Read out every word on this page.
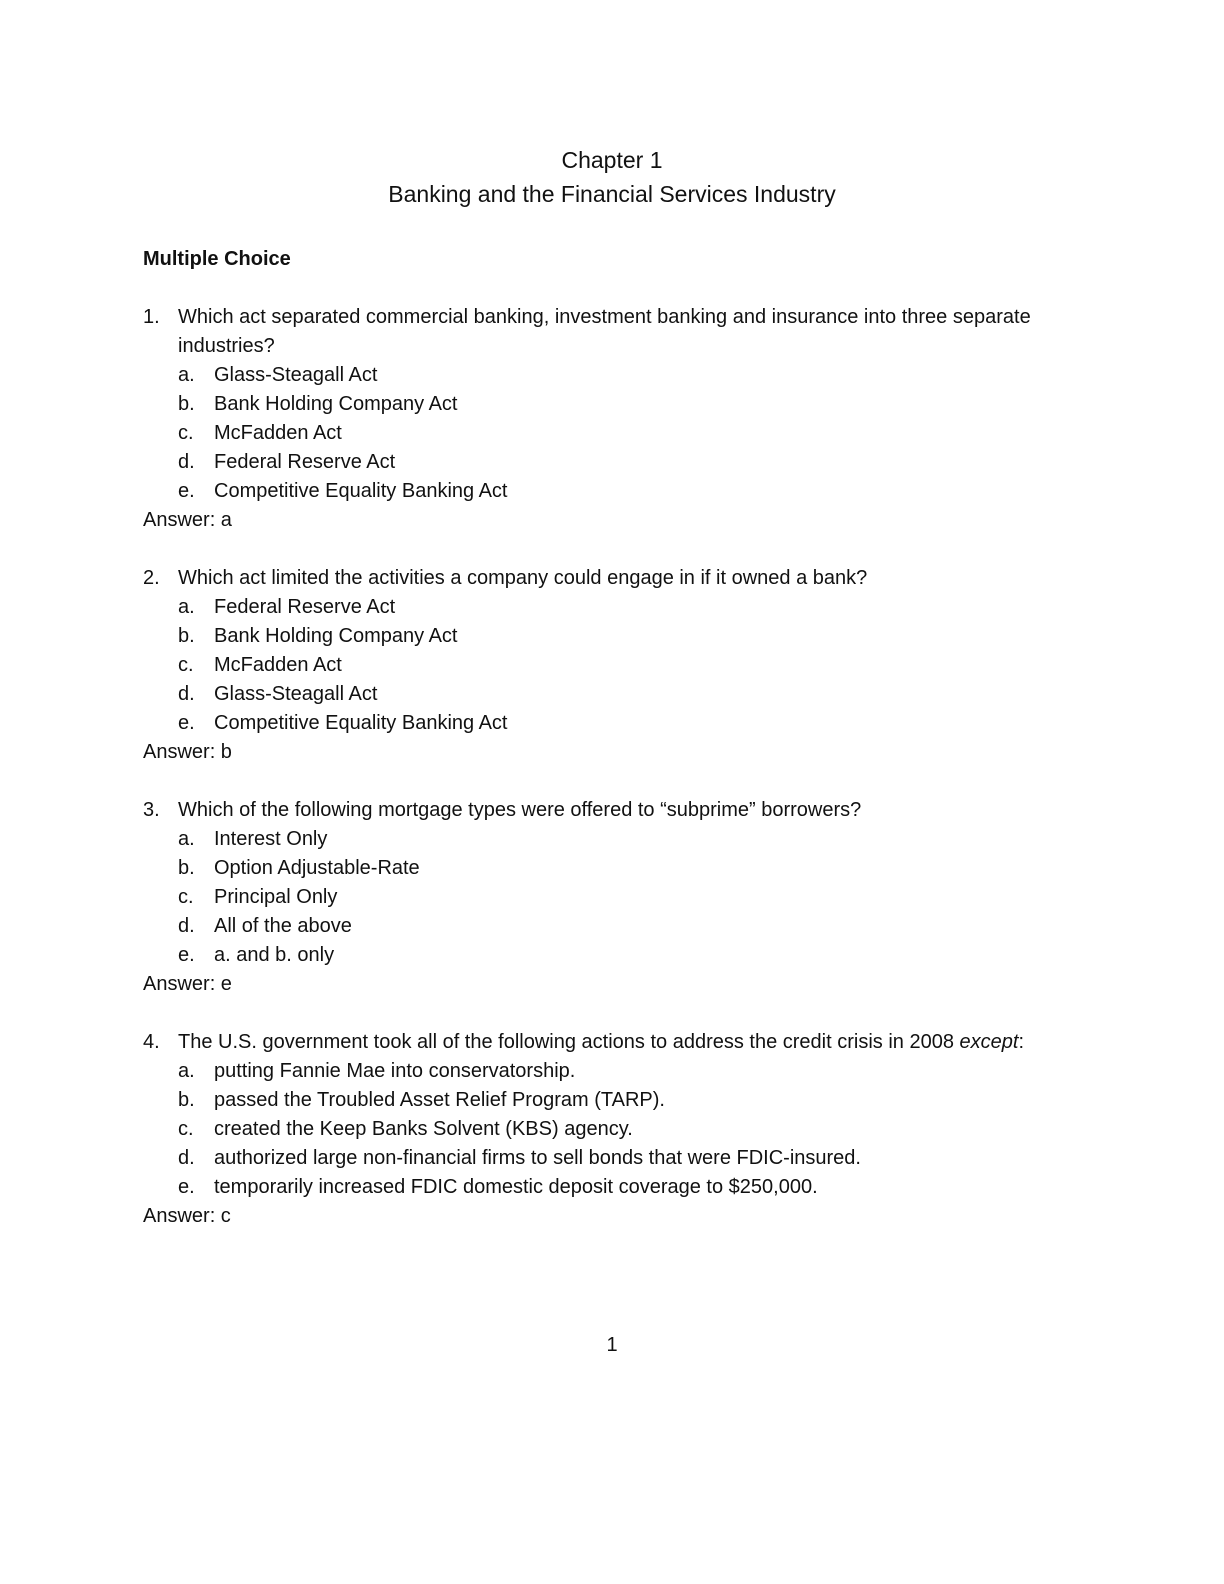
Chapter 1
Banking and the Financial Services Industry
Multiple Choice
1. Which act separated commercial banking, investment banking and insurance into three separate industries?
a. Glass-Steagall Act
b. Bank Holding Company Act
c. McFadden Act
d. Federal Reserve Act
e. Competitive Equality Banking Act
Answer: a
2. Which act limited the activities a company could engage in if it owned a bank?
a. Federal Reserve Act
b. Bank Holding Company Act
c. McFadden Act
d. Glass-Steagall Act
e. Competitive Equality Banking Act
Answer: b
3. Which of the following mortgage types were offered to “subprime” borrowers?
a. Interest Only
b. Option Adjustable-Rate
c. Principal Only
d. All of the above
e. a. and b. only
Answer: e
4. The U.S. government took all of the following actions to address the credit crisis in 2008 except:
a. putting Fannie Mae into conservatorship.
b. passed the Troubled Asset Relief Program (TARP).
c. created the Keep Banks Solvent (KBS) agency.
d. authorized large non-financial firms to sell bonds that were FDIC-insured.
e. temporarily increased FDIC domestic deposit coverage to $250,000.
Answer: c
1
